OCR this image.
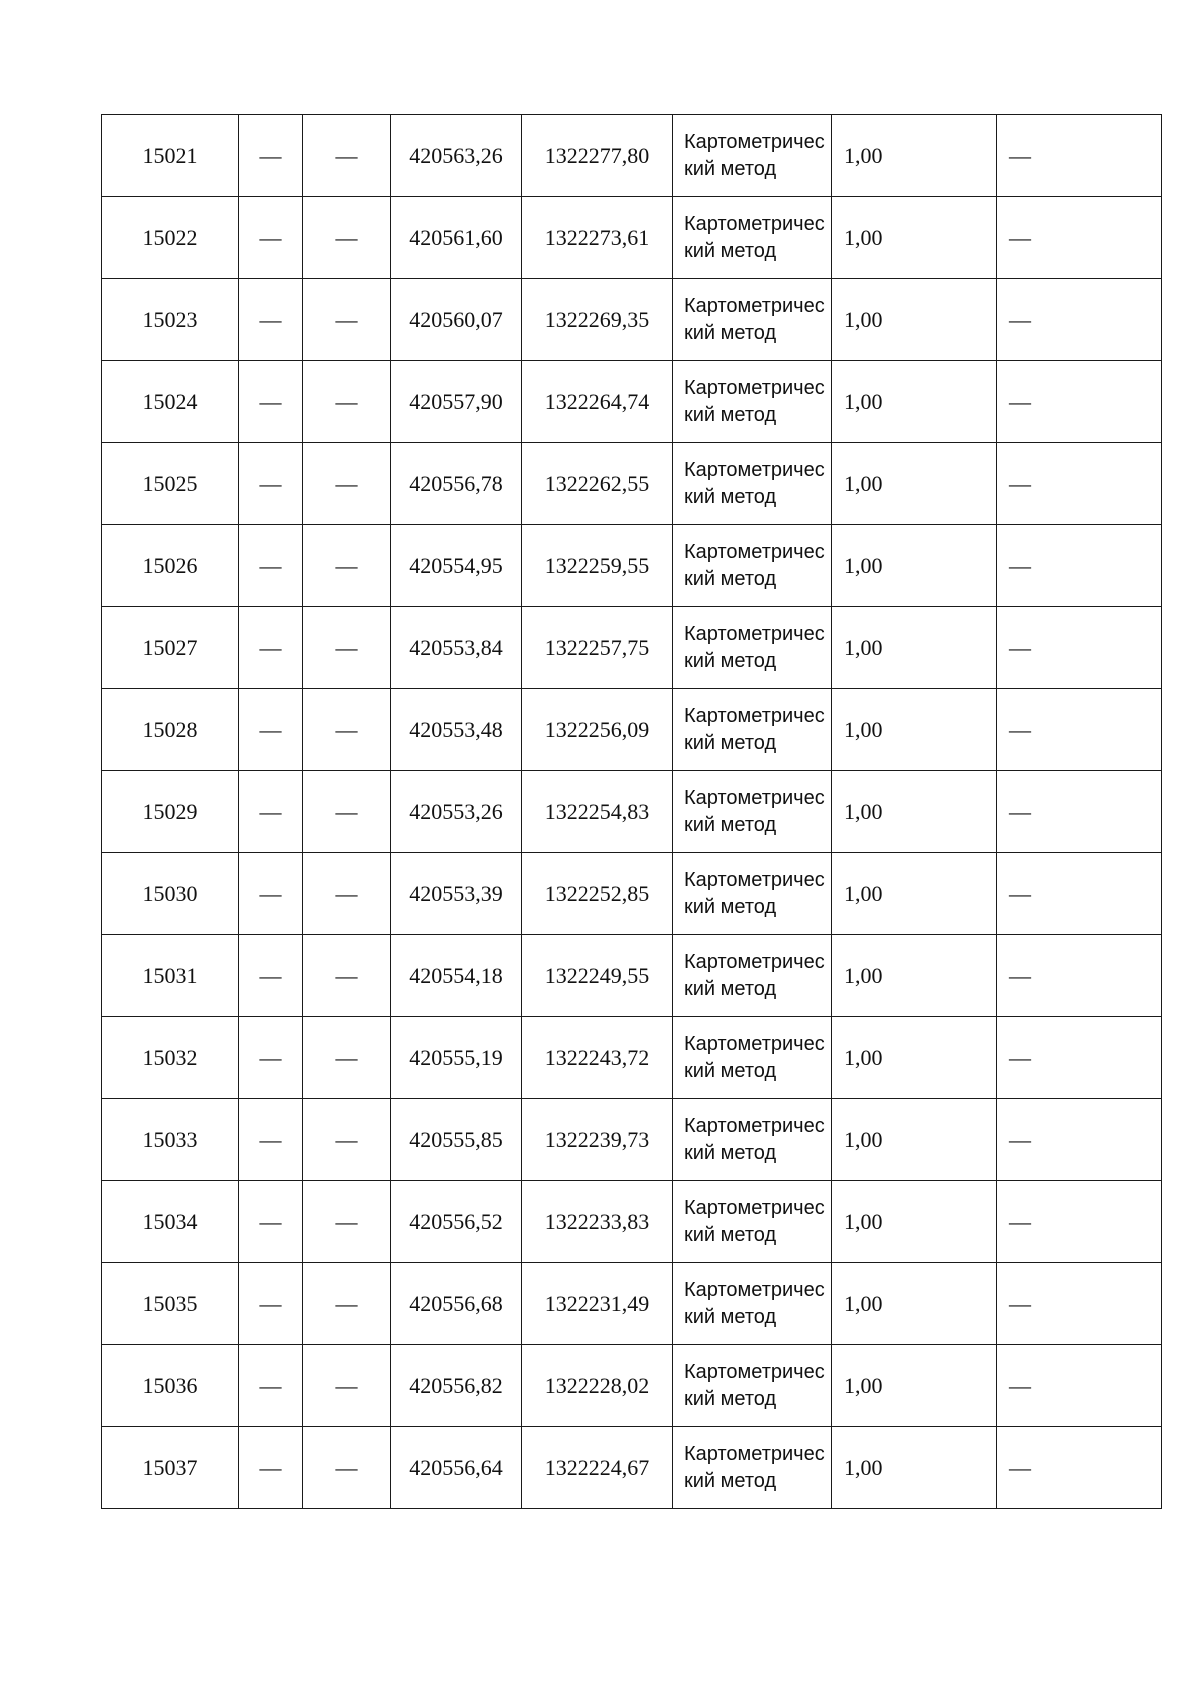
15021	—	—	420563,26	1322277,80	Картометрический метод	1,00	—
15022	—	—	420561,60	1322273,61	Картометрический метод	1,00	—
15023	—	—	420560,07	1322269,35	Картометрический метод	1,00	—
15024	—	—	420557,90	1322264,74	Картометрический метод	1,00	—
15025	—	—	420556,78	1322262,55	Картометрический метод	1,00	—
15026	—	—	420554,95	1322259,55	Картометрический метод	1,00	—
15027	—	—	420553,84	1322257,75	Картометрический метод	1,00	—
15028	—	—	420553,48	1322256,09	Картометрический метод	1,00	—
15029	—	—	420553,26	1322254,83	Картометрический метод	1,00	—
15030	—	—	420553,39	1322252,85	Картометрический метод	1,00	—
15031	—	—	420554,18	1322249,55	Картометрический метод	1,00	—
15032	—	—	420555,19	1322243,72	Картометрический метод	1,00	—
15033	—	—	420555,85	1322239,73	Картометрический метод	1,00	—
15034	—	—	420556,52	1322233,83	Картометрический метод	1,00	—
15035	—	—	420556,68	1322231,49	Картометрический метод	1,00	—
15036	—	—	420556,82	1322228,02	Картометрический метод	1,00	—
15037	—	—	420556,64	1322224,67	Картометрический метод	1,00	—
